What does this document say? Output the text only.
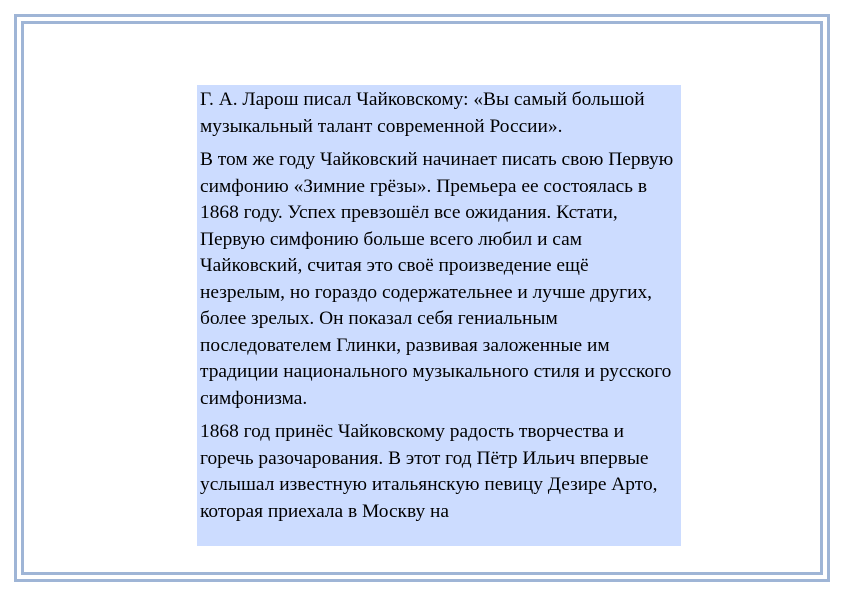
Г. А. Ларош писал Чайковскому: «Вы самый большой музыкальный талант современной России».

В том же году Чайковский начинает писать свою Первую симфонию «Зимние грёзы». Премьера ее состоялась в 1868 году. Успех превзошёл все ожидания. Кстати, Первую симфонию больше всего любил и сам Чайковский, считая это своё произведение ещё незрелым, но гораздо содержательнее и лучше других, более зрелых. Он показал себя гениальным последователем Глинки, развивая заложенные им традиции национального музыкального стиля и русского симфонизма.

1868 год принёс Чайковскому радость творчества и горечь разочарования. В этот год Пётр Ильич впервые услышал известную итальянскую певицу Дезире Арто, которая приехала в Москву на
